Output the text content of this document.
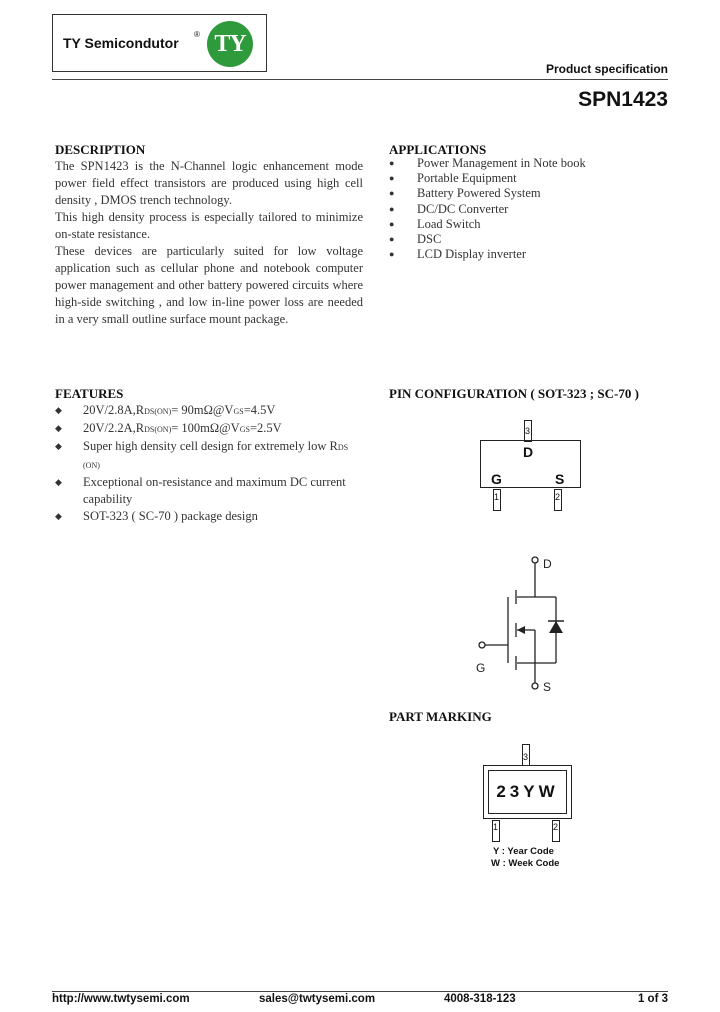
TY Semicondutor
® TY
Product specification
SPN1423
DESCRIPTION

The SPN1423 is the N-Channel logic enhancement mode power field effect transistors are produced using high cell density , DMOS trench technology.

This high density process is especially tailored to minimize on-state resistance.

These devices are particularly suited for low voltage application such as cellular phone and notebook computer power management and other battery powered circuits where high-side switching , and low in-line power loss are needed in a very small outline surface mount package.

APPLICATIONS
● Power Management in Note book
● Portable Equipment
● Battery Powered System
● DC/DC Converter
● Load Switch
● DSC
● LCD Display inverter
FEATURES
◆ 20V/2.8A,RDS(ON)= 90mΩ@VGS=4.5V
◆ 20V/2.2A,RDS(ON)= 100mΩ@VGS=2.5V
◆ Super high density cell design for extremely low RDS (ON)
◆ Exceptional on-resistance and maximum DC current capability
◆ SOT-323 ( SC-70 ) package design
PIN CONFIGURATION ( SOT-323 ; SC-70 )
3
D
G	S
1	2
D
G
S
PART MARKING
3
23YW
1	2
Y : Year Code
W : Week Code
http://www.twtysemi.com	sales@twtysemi.com	4008-318-123	1 of 3
